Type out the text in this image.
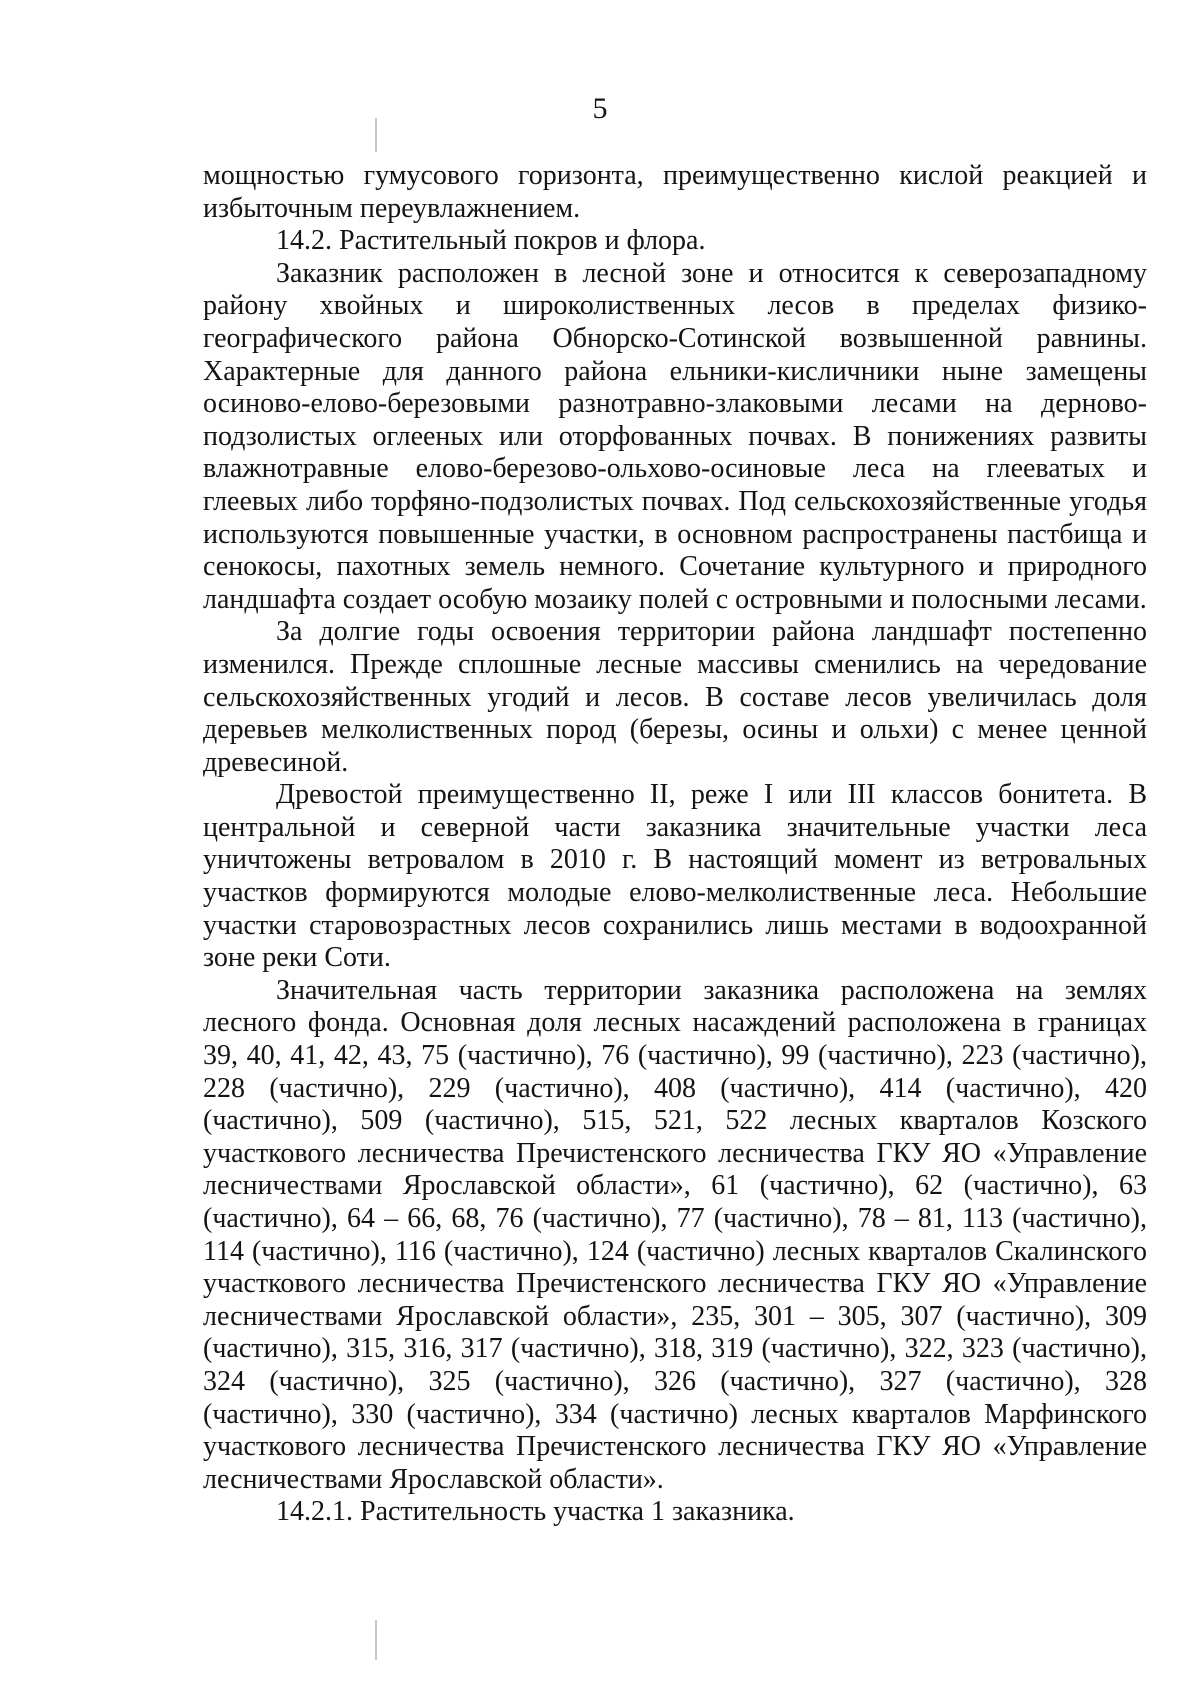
5

мощностью гумусового горизонта, преимущественно кислой реакцией и избыточным переувлажнением.

14.2. Растительный покров и флора.

Заказник расположен в лесной зоне и относится к северозападному району хвойных и широколиственных лесов в пределах физико-географического района Обнорско-Сотинской возвышенной равнины. Характерные для данного района ельники-кисличники ныне замещены осиново-елово-березовыми разнотравно-злаковыми лесами на дерново-подзолистых оглееных или оторфованных почвах. В понижениях развиты влажнотравные елово-березово-ольхово-осиновые леса на глееватых и глеевых либо торфяно-подзолистых почвах. Под сельскохозяйственные угодья используются повышенные участки, в основном распространены пастбища и сенокосы, пахотных земель немного. Сочетание культурного и природного ландшафта создает особую мозаику полей с островными и полосными лесами.

За долгие годы освоения территории района ландшафт постепенно изменился. Прежде сплошные лесные массивы сменились на чередование сельскохозяйственных угодий и лесов. В составе лесов увеличилась доля деревьев мелколиственных пород (березы, осины и ольхи) с менее ценной древесиной.

Древостой преимущественно II, реже I или III классов бонитета. В центральной и северной части заказника значительные участки леса уничтожены ветровалом в 2010 г. В настоящий момент из ветровальных участков формируются молодые елово-мелколиственные леса. Небольшие участки старовозрастных лесов сохранились лишь местами в водоохранной зоне реки Соти.

Значительная часть территории заказника расположена на землях лесного фонда. Основная доля лесных насаждений расположена в границах 39, 40, 41, 42, 43, 75 (частично), 76 (частично), 99 (частично), 223 (частично), 228 (частично), 229 (частично), 408 (частично), 414 (частично), 420 (частично), 509 (частично), 515, 521, 522 лесных кварталов Козского участкового лесничества Пречистенского лесничества ГКУ ЯО «Управление лесничествами Ярославской области», 61 (частично), 62 (частично), 63 (частично), 64 – 66, 68, 76 (частично), 77 (частично), 78 – 81, 113 (частично), 114 (частично), 116 (частично), 124 (частично) лесных кварталов Скалинского участкового лесничества Пречистенского лесничества ГКУ ЯО «Управление лесничествами Ярославской области», 235, 301 – 305, 307 (частично), 309 (частично), 315, 316, 317 (частично), 318, 319 (частично), 322, 323 (частично), 324 (частично), 325 (частично), 326 (частично), 327 (частично), 328 (частично), 330 (частично), 334 (частично) лесных кварталов Марфинского участкового лесничества Пречистенского лесничества ГКУ ЯО «Управление лесничествами Ярославской области».

14.2.1. Растительность участка 1 заказника.
